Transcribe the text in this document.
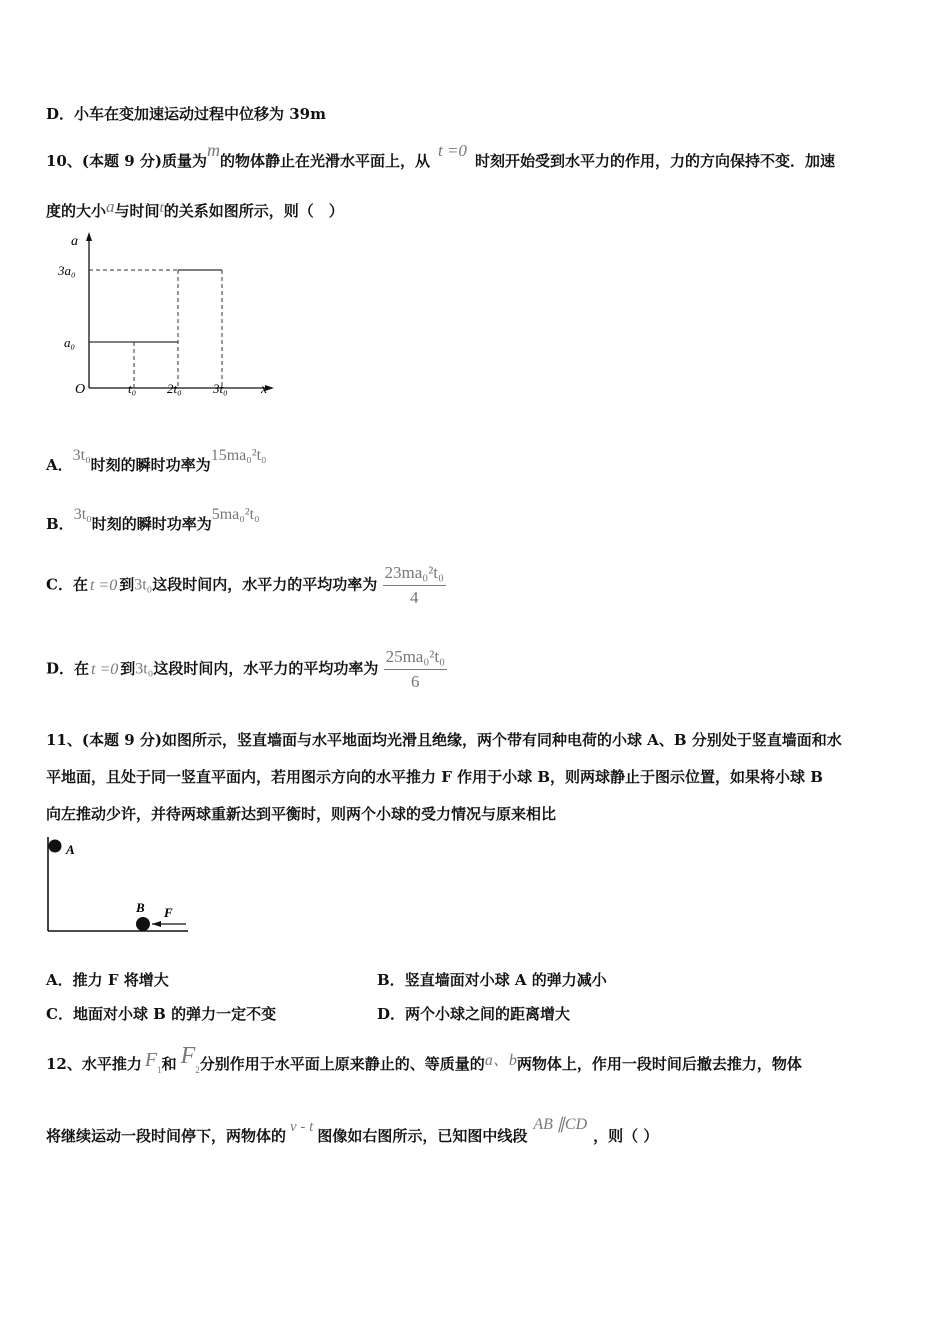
D．小车在变加速运动过程中位移为 39m
10、(本题 9 分)质量为m的物体静止在光滑水平面上，从t =0时刻开始受到水平力的作用，力的方向保持不变．加速
度的大小a与时间t的关系如图所示，则（　）
a
3a₀
a₀
O	t₀ 2t₀ 3t₀ x
A．3t₀时刻的瞬时功率为15ma₀²t₀
B．3t₀时刻的瞬时功率为5ma₀²t₀
C．在 t =0 到3t₀这段时间内，水平力的平均功率为 $\frac{\text{23ma₀²t₀}}{4}$
D．在 t =0 到3t₀这段时间内，水平力的平均功率为 $\frac{\text{25ma₀²t₀}}{6}$
11、(本题 9 分)如图所示，竖直墙面与水平地面均光滑且绝缘，两个带有同种电荷的小球 A、B 分别处于竖直墙面和水
平地面，且处于同一竖直平面内，若用图示方向的水平推力 F 作用于小球 B，则两球静止于图示位置，如果将小球 B
向左推动少许，并待两球重新达到平衡时，则两个小球的受力情况与原来相比
A
B F
A．推力 F 将增大	B．竖直墙面对小球 A 的弹力减小
C．地面对小球 B 的弹力一定不变	D．两个小球之间的距离增大
12、水平推力 $F_1$和 $F_2$分别作用于水平面上原来静止的、等质量的a、b两物体上，作用一段时间后撤去推力，物体
将继续运动一段时间停下，两物体的 v - t 图像如右图所示，已知图中线段AB ∥CD，则（ ）
